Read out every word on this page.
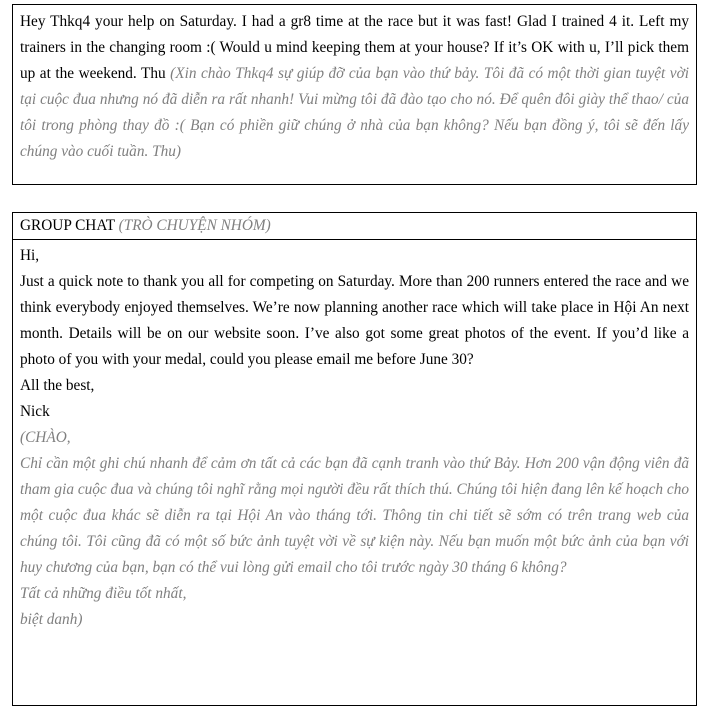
Hey Thkq4 your help on Saturday. I had a gr8 time at the race but it was fast! Glad I trained 4 it. Left my trainers in the changing room :( Would u mind keeping them at your house? If it’s OK with u, I’ll pick them up at the weekend. Thu (Xin chào Thkq4 sự giúp đỡ của bạn vào thứ bảy. Tôi đã có một thời gian tuyệt vời tại cuộc đua nhưng nó đã diễn ra rất nhanh! Vui mừng tôi đã đào tạo cho nó. Để quên đôi giày thể thao/ của tôi trong phòng thay đồ :( Bạn có phiền giữ chúng ở nhà của bạn không? Nếu bạn đồng ý, tôi sẽ đến lấy chúng vào cuối tuần. Thu)
GROUP CHAT (TRÒ CHUYỆN NHÓM)

Hi,

Just a quick note to thank you all for competing on Saturday. More than 200 runners entered the race and we think everybody enjoyed themselves. We’re now planning another race which will take place in Hội An next month. Details will be on our website soon. I’ve also got some great photos of the event. If you’d like a photo of you with your medal, could you please email me before June 30?

All the best,

Nick

(CHÀO,

Chỉ cần một ghi chú nhanh để cảm ơn tất cả các bạn đã cạnh tranh vào thứ Bảy. Hơn 200 vận động viên đã tham gia cuộc đua và chúng tôi nghĩ rằng mọi người đều rất thích thú. Chúng tôi hiện đang lên kế hoạch cho một cuộc đua khác sẽ diễn ra tại Hội An vào tháng tới. Thông tin chi tiết sẽ sớm có trên trang web của chúng tôi. Tôi cũng đã có một số bức ảnh tuyệt vời về sự kiện này. Nếu bạn muốn một bức ảnh của bạn với huy chương của bạn, bạn có thể vui lòng gửi email cho tôi trước ngày 30 tháng 6 không?

Tất cả những điều tốt nhất,

biệt danh)
